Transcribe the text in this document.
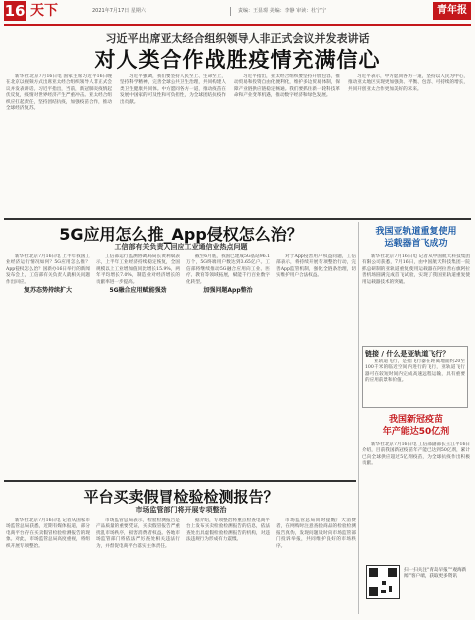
16 天下	2021年7月17日 星期六	责编：王显璟 美编：李静 审读：杜宁宁	青年报
习近平出席亚太经合组织领导人非正式会议并发表讲话
对人类合作战胜疫情充满信心

新华社北京7月16日电 国家主席习近平16日晚在北京以视频方式出席亚太经合组织领导人非正式会议并发表讲话。习近平指出，当前，新冠肺炎疫情起伏反复，疫情对世界经济产生严重冲击。亚太经合组织应扛起责任，坚持团结抗疫，加强疫苗合作，推动全球经济复苏。

习近平强调，我们要坚持人民至上、生命至上，坚持科学精神，完善全球公共卫生治理，共同构建人类卫生健康共同体。中方愿同各方一道，推动疫苗在发展中国家的可及性和可负担性，为全球团结抗疫作出贡献。

习近平指出，亚太经合组织要坚持开放包容，推动贸易和投资自由化便利化，维护多边贸易体制，保障产业链供应链稳定畅通。我们要抓住新一轮科技革命和产业变革机遇，推动数字经济和绿色发展。

习近平表示，中方愿同各方一道，坚持以人民为中心，推动亚太地区实现更加强劲、平衡、包容、可持续的增长，共同开创亚太合作更加美好的未来。

5G应用怎么推_App侵权怎么治？
工信部有关负责人回应工业通信业热点问题

新华社北京7月16日电 上半年我国工业经济运行情况如何？5G应用怎么推？App侵权怎么治？国新办16日举行的新闻发布会上，工信部有关负责人就相关问题作出回应。

复苏态势持续扩大

工信部运行监测协调局局长黄利斌表示，上半年工业经济持续稳定恢复，全国规模以上工业增加值同比增长15.9%，两年平均增长7.0%，制造业对经济增长的贡献率进一步提高。

5G融合应用赋能强劲

截至6月底，我国已建成5G基站96.1万个，5G终端用户数达到3.65亿户。工信部将继续推动5G融合应用向工业、医疗、教育等领域拓展，赋能千行百业数字化转型。

加强问题App整治

对于App侵害用户权益问题，工信部表示，将持续开展专项整治行动，完善App监管机制，强化全链条治理，切实维护用户合法权益。

我国亚轨道重复使用
运载器首飞成功

新华社北京7月16日电 记者从中国航天科技集团有限公司获悉，7月16日，由中国航天科技集团一院抓总研制的亚轨道重复使用运载器在阿拉善右旗阿拉善机场圆满完成首飞试验，实现了我国亚轨道重复使用运载器技术的突破。

链接 / 什么是亚轨道飞行？

亚轨道飞行，是指飞行器在距离地面约20至100千米的临近空间内进行的飞行，亚轨道飞行器可在较短时间内完成高速远程运输，具有重要的应用前景和价值。

我国新冠疫苗
年产能达50亿剂

新华社北京7月16日电 工信部副部长王江平16日介绍，目前我国新冠疫苗年产能已达到50亿剂，累计已向全球供应超过5亿剂疫苗，为全球抗疫作出积极贡献。

扫一扫关注“青岛早报”“观海新闻”客户端，获取更多资讯
平台买卖假冒检验检测报告？
市场监管部门将开展专项整治

新华社北京7月16日电 记者从国家市场监管总局获悉，近期有媒体报道，部分电商平台存在买卖假冒检验检测报告的现象。对此，市场监管总局高度重视，将组织开展专项整治。

市场监管总局表示，检验检测报告是产品质量的重要凭证，买卖假冒报告严重扰乱市场秩序，损害消费者权益。各地市场监管部门将依法严厉查处相关违法行为，并督促电商平台落实主体责任。

据介绍，专项整治将重点检查电商平台上发布买卖检验检测报告的信息，依法查处出具虚假检验检测报告的机构，对违法违规行为形成有力震慑。

市场监管总局同时提醒广大消费者，在网购时注意查验商品的检验检测报告真伪，发现问题及时向市场监管部门投诉举报，共同维护良好的市场秩序。
